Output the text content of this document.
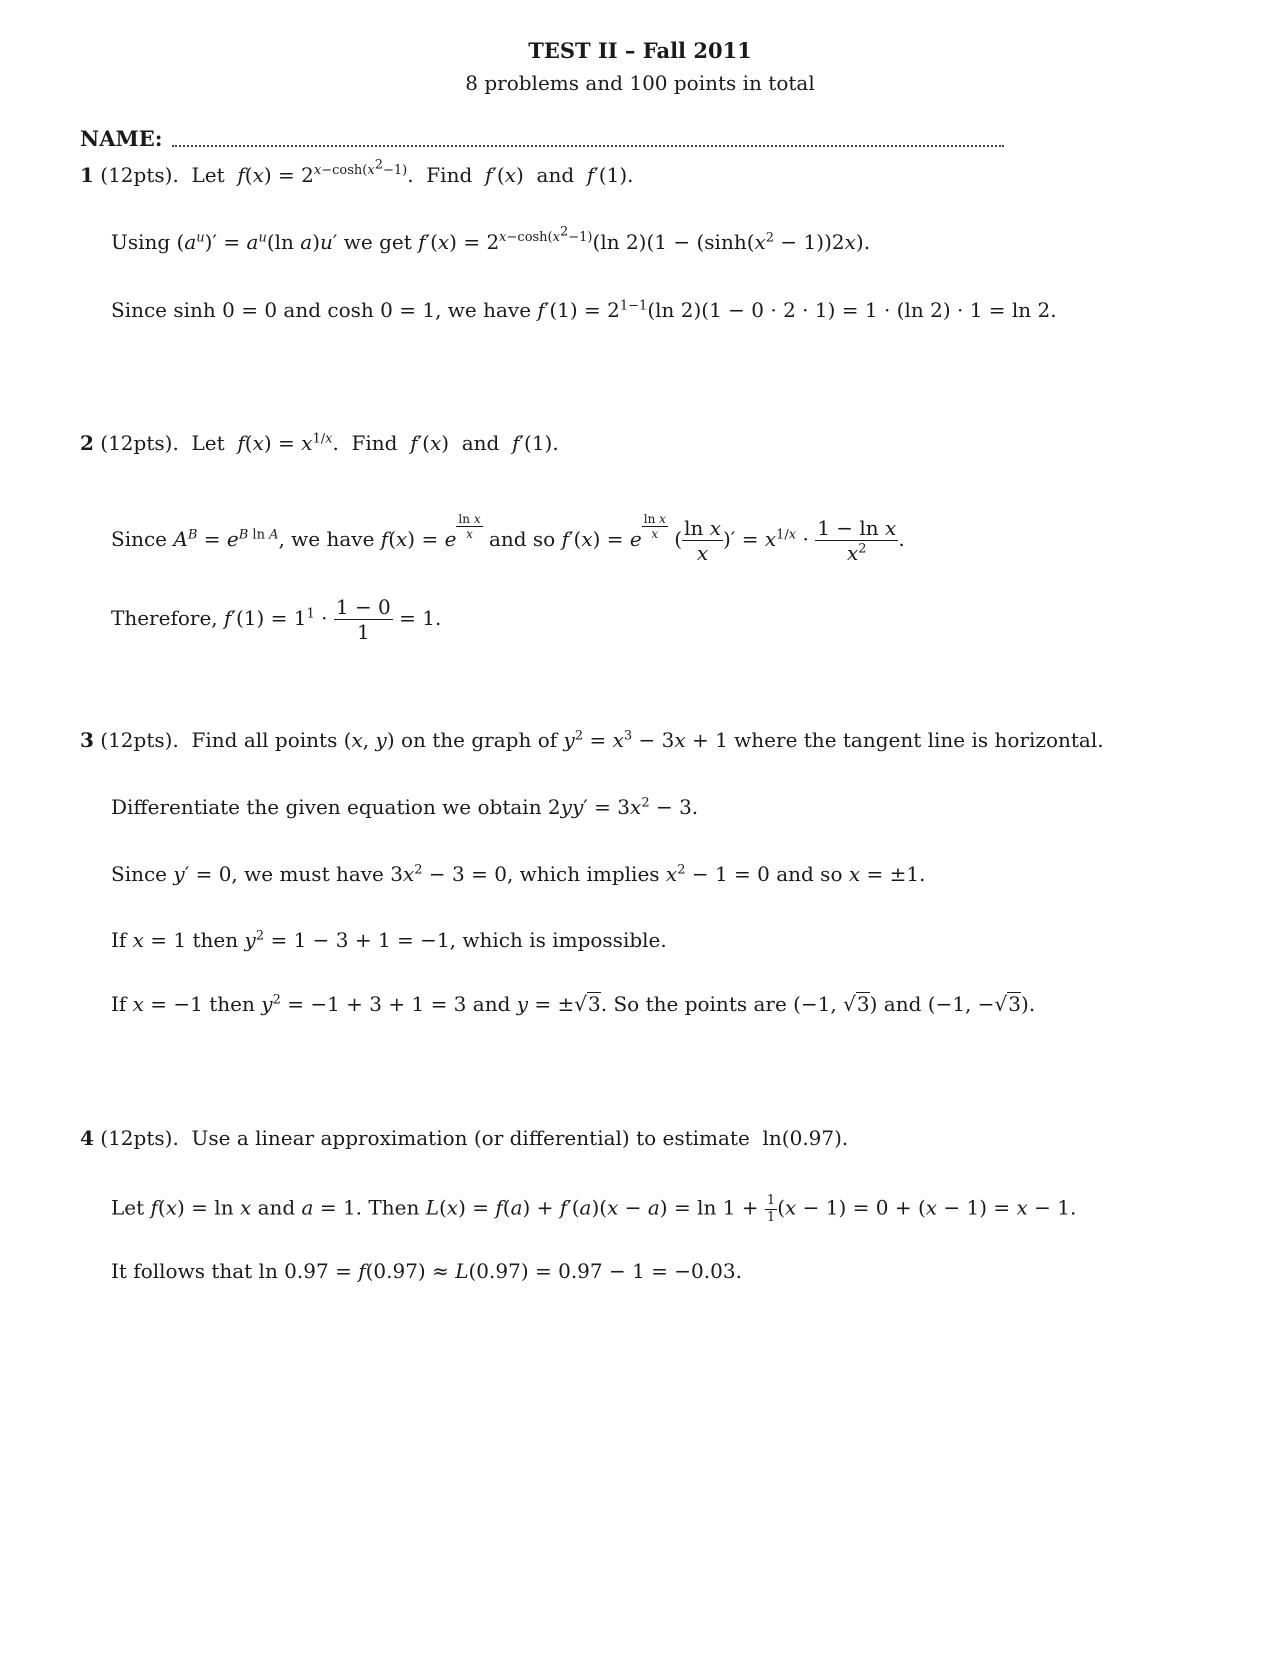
TEST II – Fall 2011
8 problems and 100 points in total
NAME:
1 (12pts). Let  $f(x) = 2^{x-cosh(x^2-1)}$.  Find  f′(x)  and  f′(1).
Using $(a^u)' = a^u(\ln$ a)u′ we get $f'(x) = 2^{x-cosh(x^2-1)}(\ln$ $2)(1 - (\sinh(x^2 - 1))2x)$.
Since sinh 0 = 0 and cosh 0 = 1, we have $f'(1) = 2^{1-1}(\ln$ 2)(1 − 0 · 2 · 1) = 1 · (ln 2) · 1 = ln 2.
2 (12pts). Let  $f(x) = x^{1/x}$.  Find  f′(x)  and  f′(1).
Since $A^B = e^{B ln A}$, we have f(x) = e $\frac{\text{ln x}}{x}$ and so f′(x) = e $\frac{\text{ln x}}{x}$ ( $\frac{\text{ln x}}{x}$ )′ = $x^{1/x} \cdot \frac{\text{1 − ln x}}{x^2}$ .
Therefore, $f'(1) = 1^1 \cdot \frac{1 - 0}{1} = 1$.
3 (12pts). Find all points (x, y) on the graph of $y^2 = x^3 - 3x + 1$ where the tangent line is horizontal.
Differentiate the given equation we obtain $2yy' = 3x^2 - 3$.
Since y′ = 0, we must have $3x^2 - 3 = 0$, which implies $x^2 - 1 = 0$ and so x = ±1.
If x = 1 then $y^2 = 1 - 3 + 1 = -1$, which is impossible.
If x = −1 then $y^2 = -1 + 3 + 1 = 3$ and y = ±√3. So the points are (−1, √3) and (−1, −√3).
4 (12pts). Use a linear approximation (or differential) to estimate  ln(0.97).
Let f(x) = ln x and a = 1. Then $L(x) = f(a) + f'(a)(x - a) = \ln 1 + \frac{1}{1} (x - 1) = 0 + (x - 1) = x - 1$.
It follows that ln 0.97 = f(0.97) ≈ L(0.97) = 0.97 − 1 = −0.03.
